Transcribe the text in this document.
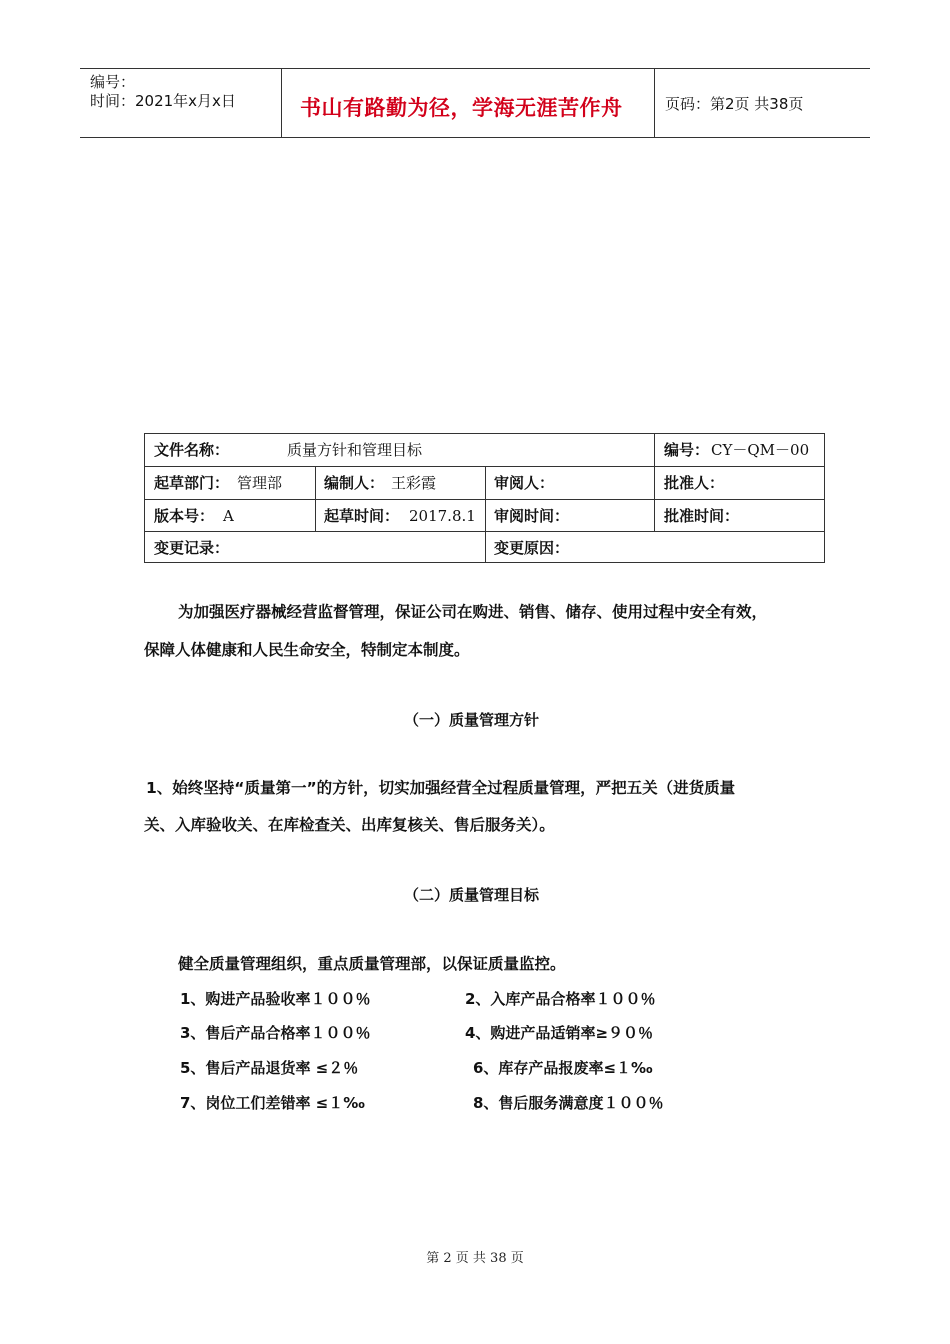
编号：
时间：2021年x月x日	书山有路勤为径，学海无涯苦作舟	页码：第2页 共38页
文件名称：	质量方针和管理目标	编号： CY－QM－00
起草部门： 管理部	编制人： 王彩霞	审阅人：	批准人：
版本号： A	起草时间： 2017.8.1 审阅时间：	批准时间：
变更记录：	变更原因：
为加强医疗器械经营监督管理，保证公司在购进、销售、储存、使用过程中安全有效，
保障人体健康和人民生命安全，特制定本制度。
（一）质量管理方针
1、始终坚持“质量第一”的方针，切实加强经营全过程质量管理，严把五关（进货质量
关、入库验收关、在库检查关、出库复核关、售后服务关）。
（二）质量管理目标
健全质量管理组织，重点质量管理部，以保证质量监控。
1、购进产品验收率１００％	2、入库产品合格率１００％
3、售后产品合格率１００％	4、购进产品适销率≥９０％
5、售后产品退货率 ≤２％	6、库存产品报废率≤１‰
7、岗位工们差错率 ≤１‰	8、售后服务满意度１００％
第 2 页 共 38 页
